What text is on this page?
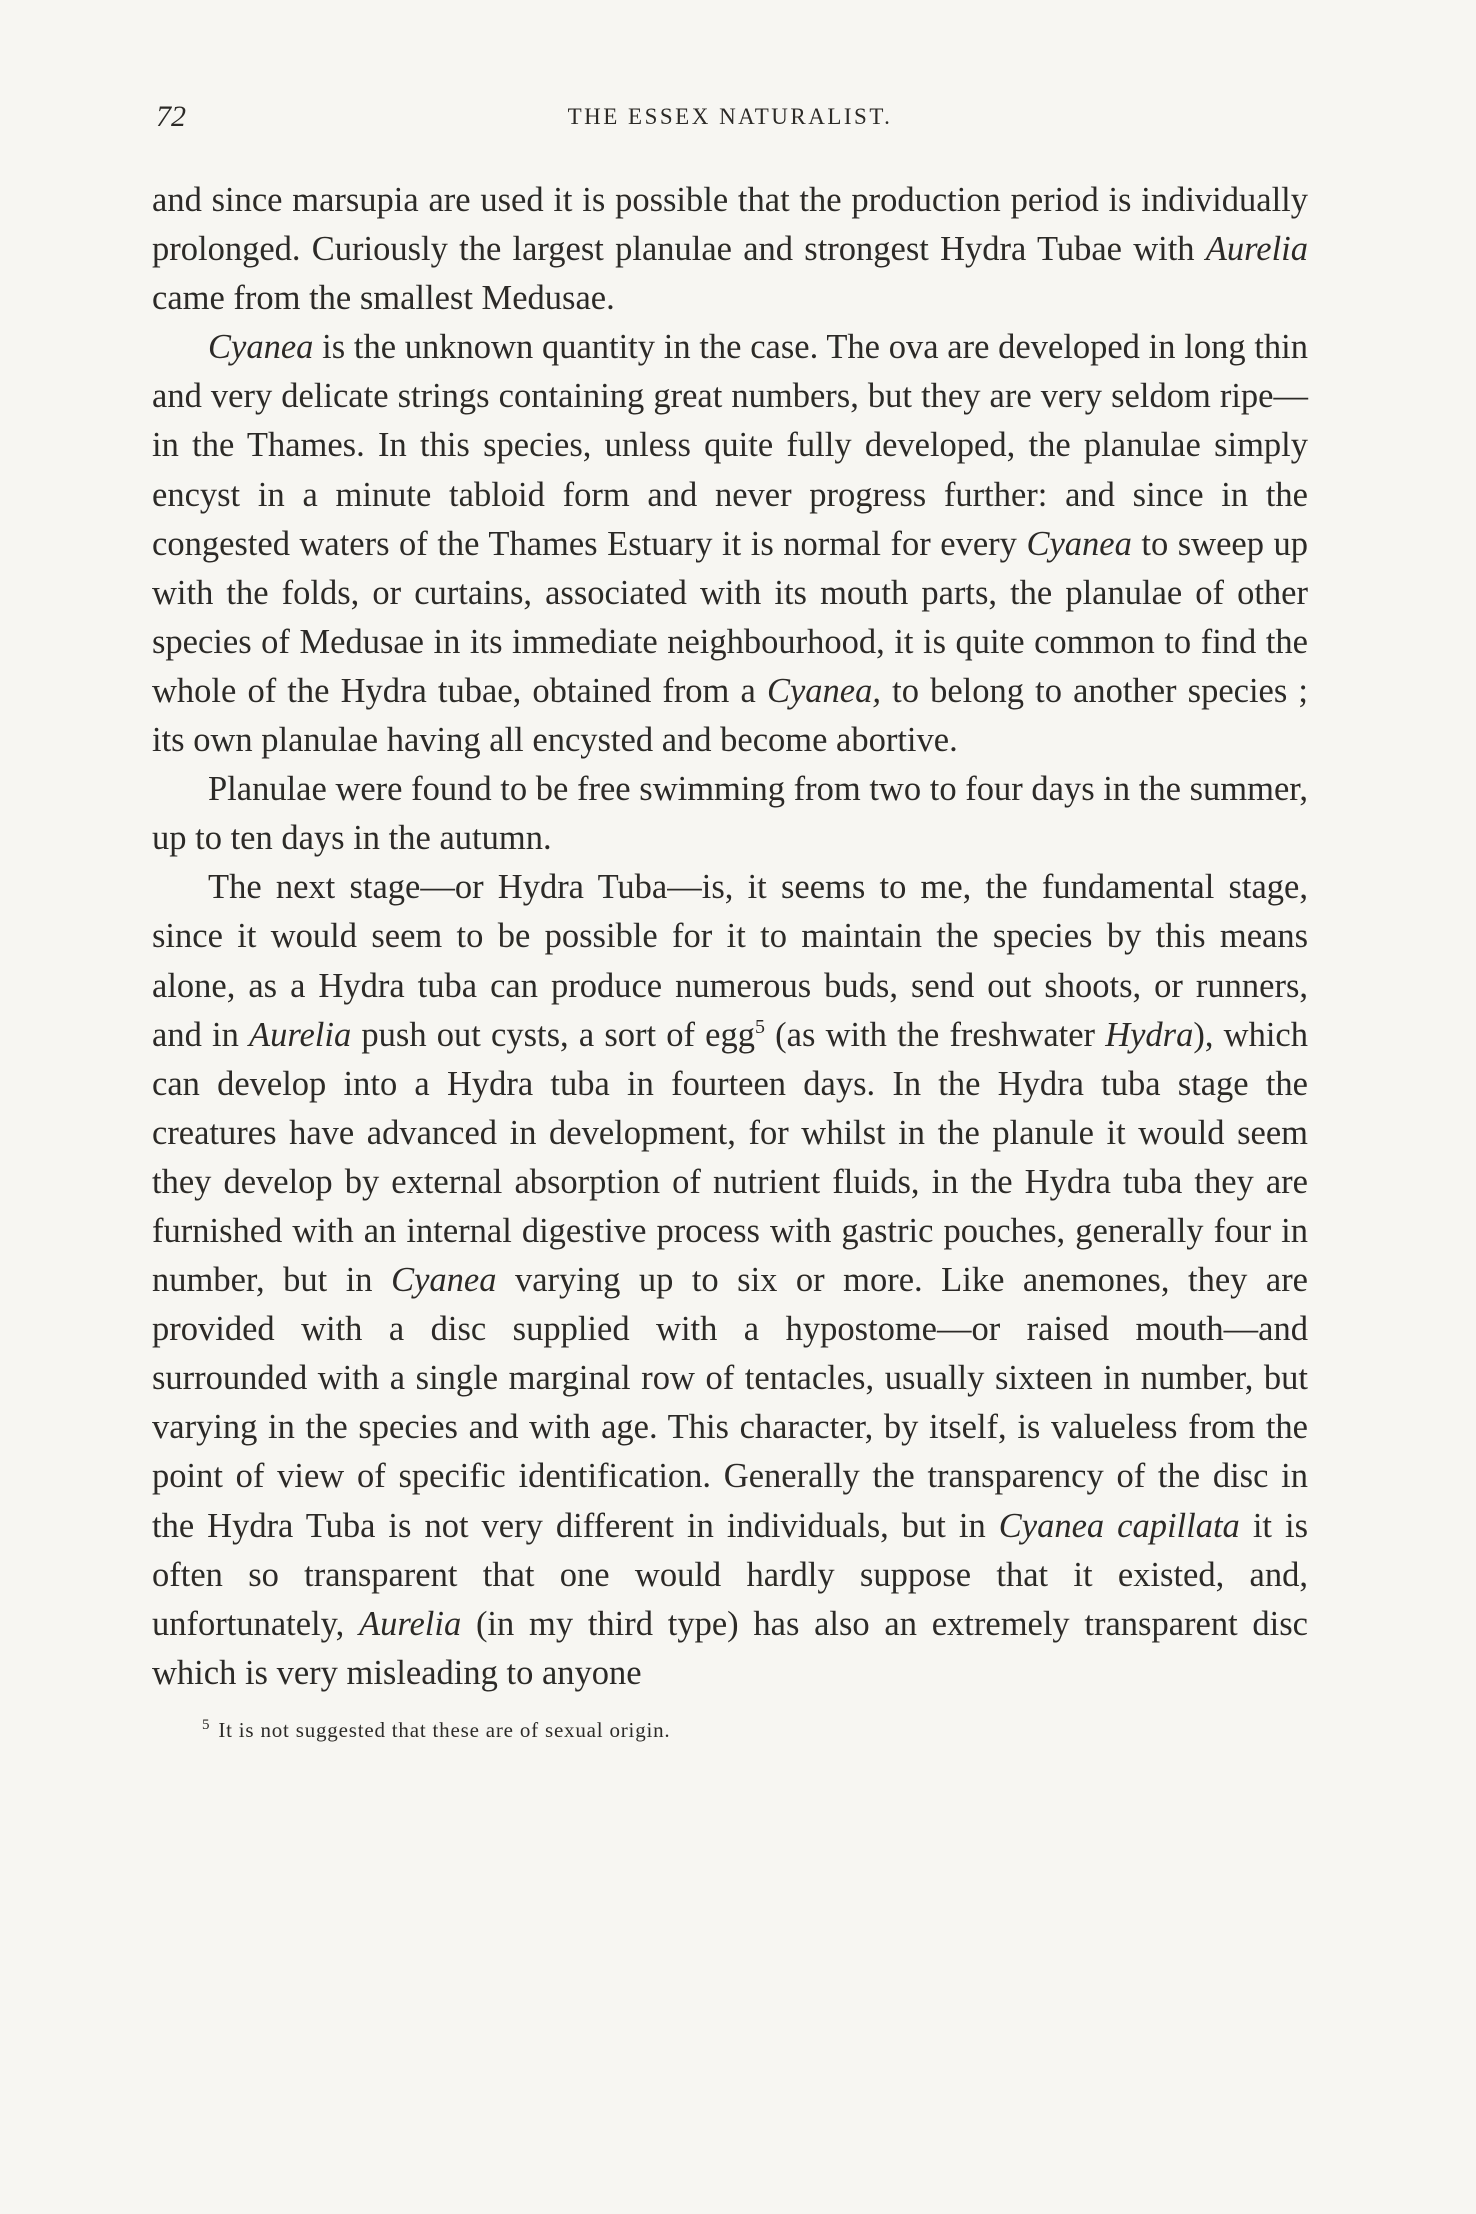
72	THE ESSEX NATURALIST.

and since marsupia are used it is possible that the production period is individually prolonged. Curiously the largest planulae and strongest Hydra Tubae with Aurelia came from the smallest Medusae.

Cyanea is the unknown quantity in the case. The ova are developed in long thin and very delicate strings containing great numbers, but they are very seldom ripe—in the Thames. In this species, unless quite fully developed, the planulae simply encyst in a minute tabloid form and never progress further: and since in the congested waters of the Thames Estuary it is normal for every Cyanea to sweep up with the folds, or curtains, associated with its mouth parts, the planulae of other species of Medusae in its immediate neighbourhood, it is quite common to find the whole of the Hydra tubae, obtained from a Cyanea, to belong to another species ; its own planulae having all encysted and become abortive.

Planulae were found to be free swimming from two to four days in the summer, up to ten days in the autumn.

The next stage—or Hydra Tuba—is, it seems to me, the fundamental stage, since it would seem to be possible for it to maintain the species by this means alone, as a Hydra tuba can produce numerous buds, send out shoots, or runners, and in Aurelia push out cysts, a sort of egg$^5$ (as with the freshwater Hydra), which can develop into a Hydra tuba in fourteen days. In the Hydra tuba stage the creatures have advanced in development, for whilst in the planule it would seem they develop by external absorption of nutrient fluids, in the Hydra tuba they are furnished with an internal digestive process with gastric pouches, generally four in number, but in Cyanea varying up to six or more. Like anemones, they are provided with a disc supplied with a hypostome—or raised mouth—and surrounded with a single marginal row of tentacles, usually sixteen in number, but varying in the species and with age. This character, by itself, is valueless from the point of view of specific identification. Generally the transparency of the disc in the Hydra Tuba is not very different in individuals, but in Cyanea capillata it is often so transparent that one would hardly suppose that it existed, and, unfortunately, Aurelia (in my third type) has also an extremely transparent disc which is very misleading to anyone

$^5$ It is not suggested that these are of sexual origin.
